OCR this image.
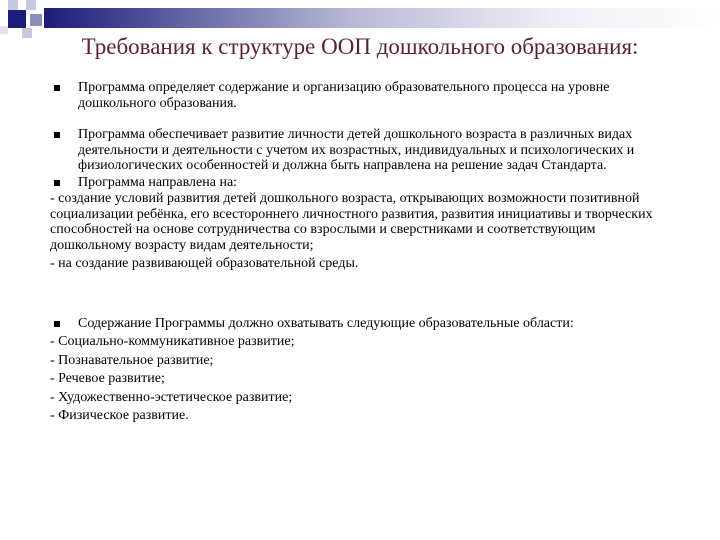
Требования к структуре ООП дошкольного образования:
Программа определяет содержание и организацию образовательного процесса на уровне дошкольного образования.
Программа обеспечивает развитие личности детей дошкольного возраста в различных видах деятельности и деятельности с учетом их возрастных, индивидуальных и психологических и физиологических особенностей и должна быть направлена на решение задач Стандарта.
Программа направлена на:
- создание условий развития детей дошкольного возраста, открывающих возможности позитивной социализации ребёнка, его всестороннего личностного развития, развития инициативы и творческих способностей на основе сотрудничества со взрослыми и сверстниками и соответствующим дошкольному возрасту видам деятельности;
- на создание развивающей образовательной среды.
Содержание Программы должно охватывать следующие образовательные области:
- Социально-коммуникативное развитие;
- Познавательное развитие;
- Речевое развитие;
- Художественно-эстетическое развитие;
- Физическое развитие.
